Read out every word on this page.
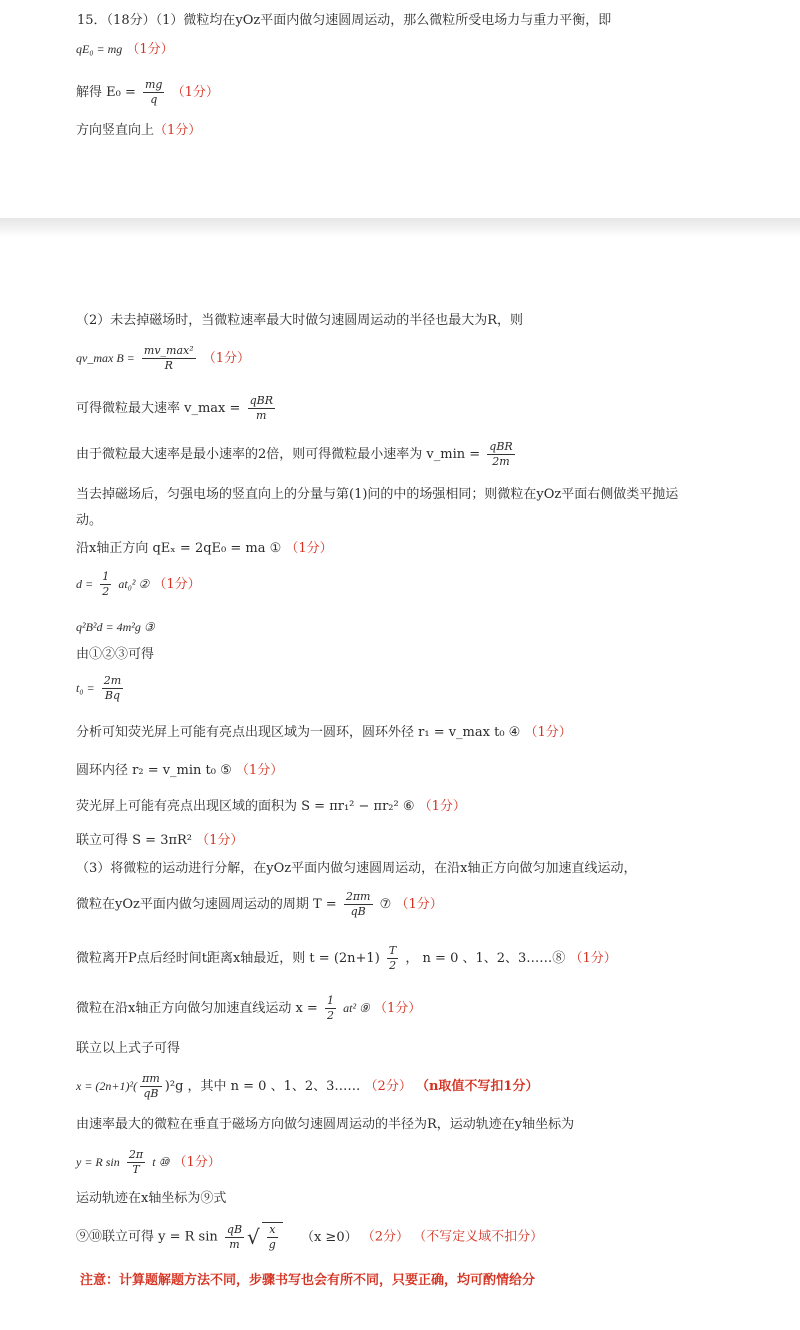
15．（18分）（1）微粒均在yOz平面内做匀速圆周运动，那么微粒所受电场力与重力平衡，即
qE₀ = mg （1分）
解得 $E_0 = \frac{mg}{q} (1$分）
方向竖直向上（1分）
（2）未去掉磁场时，当微粒速率最大时做匀速圆周运动的半径也最大为R，则
qv_max $B = \frac{\text{mv\_max²}}{R} (1$分）
可得微粒最大速率 v_max = $\frac{\text{qBR}}{m}$
由于微粒最大速率是最小速率的2倍，则可得微粒最小速率为 v_min = $\frac{\text{qBR}}{2m}$
当去掉磁场后，匀强电场的竖直向上的分量与第(1)问的中的场强相同；则微粒在yOz平面右侧做类平抛运
动。
沿x轴正方向 qEₓ = 2qE₀ = ma ① （1分）
$d = \frac{1}{2} at_0^2$ ② （1分）
q²B²d = 4m²g ③
由①②③可得
$t_0 = \frac{2m}{Bq}$
分析可知荧光屏上可能有亮点出现区域为一圆环，圆环外径 r₁ = v_max t₀ ④ （1分）
圆环内径 r₂ = v_min t₀ ⑤ （1分）
荧光屏上可能有亮点出现区域的面积为 S = πr₁² − πr₂² ⑥ （1分）
联立可得 S = 3πR² （1分）
（3）将微粒的运动进行分解，在yOz平面内做匀速圆周运动，在沿x轴正方向做匀加速直线运动，
微粒在yOz平面内做匀速圆周运动的周期 $T = \frac{2\pi m}{qB}$ ⑦ （1分）
微粒离开P点后经时间t距离x轴最近，则 $t = (2n+1) \frac{T}{2}$ ， n = 0 、1、2、3……⑧ （1分）
微粒在沿x轴正方向做匀加速直线运动 $x = \frac{1}{2} at^2$ ⑨ （1分）
联立以上式子可得
$x = (2n+1)^2( \frac{\pi m}{qB} )^2g$ ，其中 n = 0 、1、2、3…… （2分） （n取值不写扣1分）
由速率最大的微粒在垂直于磁场方向做匀速圆周运动的半径为R，运动轨迹在y轴坐标为
y = R $\sin \frac{2\pi}{T}$ t ⑩ （1分）
运动轨迹在x轴坐标为⑨式
⑨⑩联立可得 y = R $\sin \frac{qB}{m}$ √ $\frac{x}{g} (x \ge 0)$ （2分） （不写定义域不扣分）
注意：计算题解题方法不同，步骤书写也会有所不同，只要正确，均可酌情给分
